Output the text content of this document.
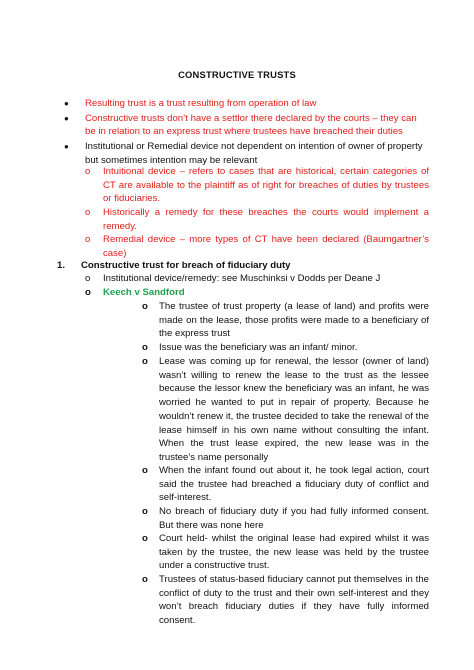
CONSTRUCTIVE TRUSTS
● Resulting trust is a trust resulting from operation of law
● Constructive trusts don’t have a settlor there declared by the courts – they can be in relation to an express trust where trustees have breached their duties
● Institutional or Remedial device not dependent on intention of owner of property but sometimes intention may be relevant
o Intuitional device – refers to cases that are historical, certain categories of CT are available to the plaintiff as of right for breaches of duties by trustees or fiduciaries.
o Historically a remedy for these breaches the courts would implement a remedy.
o Remedial device – more types of CT have been declared (Baumgartner’s case)
1. Constructive trust for breach of fiduciary duty
o Institutional device/remedy: see Muschinksi v Dodds per Deane J
o Keech v Sandford
o The trustee of trust property (a lease of land) and profits were made on the lease, those profits were made to a beneficiary of the express trust
o Issue was the beneficiary was an infant/ minor.
o Lease was coming up for renewal, the lessor (owner of land) wasn’t willing to renew the lease to the trust as the lessee because the lessor knew the beneficiary was an infant, he was worried he wanted to put in repair of property. Because he wouldn’t renew it, the trustee decided to take the renewal of the lease himself in his own name without consulting the infant. When the trust lease expired, the new lease was in the trustee’s name personally
o When the infant found out about it, he took legal action, court said the trustee had breached a fiduciary duty of conflict and self-interest.
o No breach of fiduciary duty if you had fully informed consent. But there was none here
o Court held- whilst the original lease had expired whilst it was taken by the trustee, the new lease was held by the trustee under a constructive trust.
o Trustees of status-based fiduciary cannot put themselves in the conflict of duty to the trust and their own self-interest and they won’t breach fiduciary duties if they have fully informed consent.
